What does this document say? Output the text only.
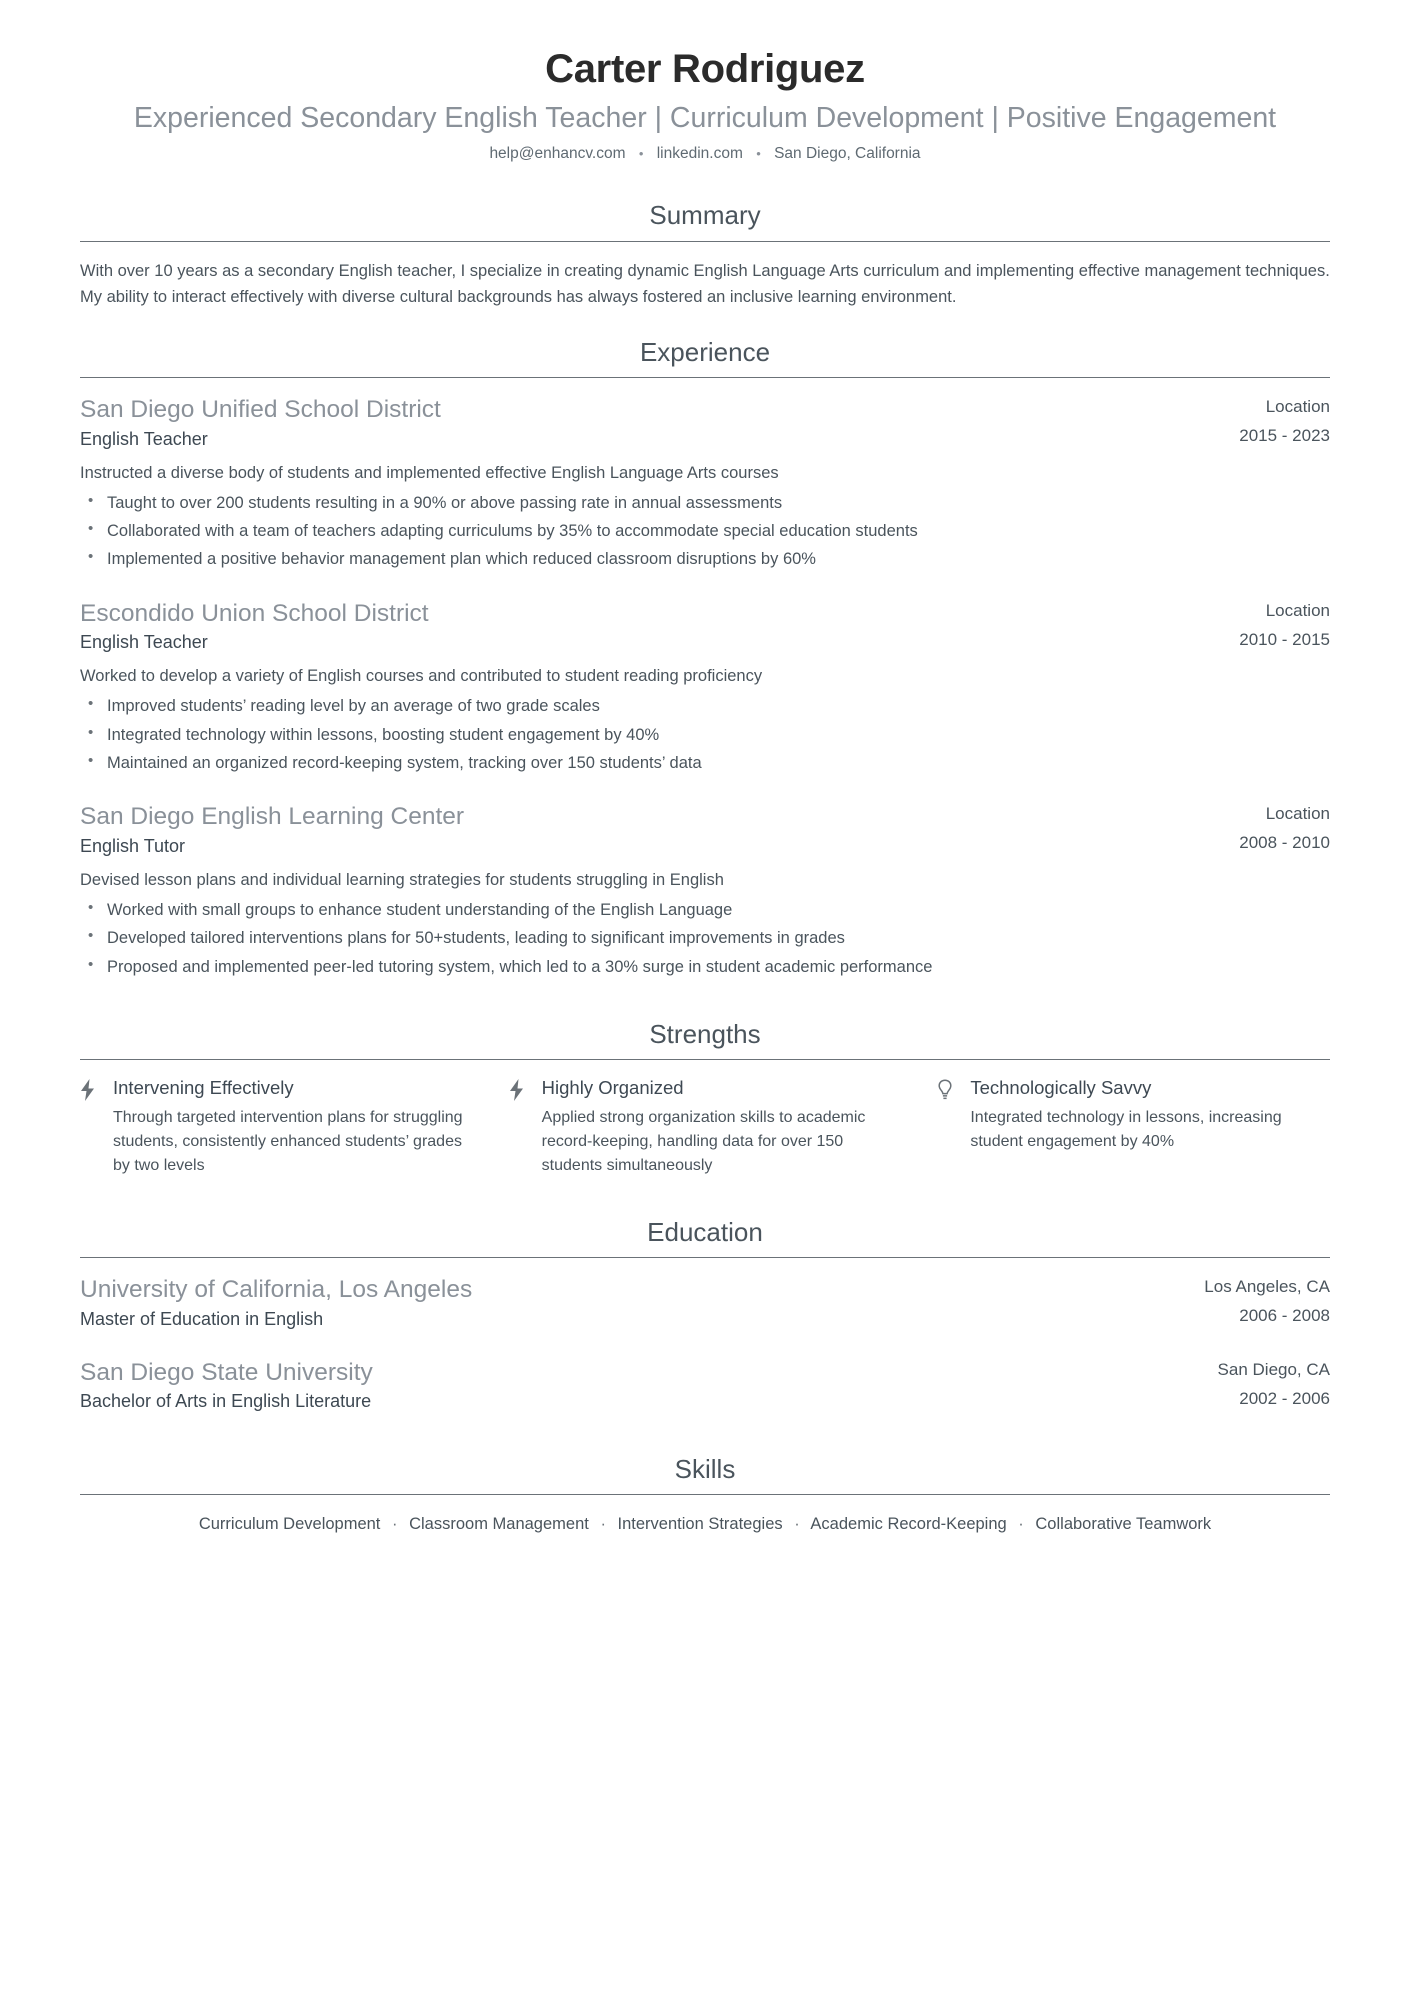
Carter Rodriguez
Experienced Secondary English Teacher | Curriculum Development | Positive Engagement
help@enhancv.com • linkedin.com • San Diego, California
Summary
With over 10 years as a secondary English teacher, I specialize in creating dynamic English Language Arts curriculum and implementing effective management techniques. My ability to interact effectively with diverse cultural backgrounds has always fostered an inclusive learning environment.
Experience
San Diego Unified School District
English Teacher
Location
2015 - 2023
Instructed a diverse body of students and implemented effective English Language Arts courses
• Taught to over 200 students resulting in a 90% or above passing rate in annual assessments
• Collaborated with a team of teachers adapting curriculums by 35% to accommodate special education students
• Implemented a positive behavior management plan which reduced classroom disruptions by 60%
Escondido Union School District
English Teacher
Location
2010 - 2015
Worked to develop a variety of English courses and contributed to student reading proficiency
• Improved students’ reading level by an average of two grade scales
• Integrated technology within lessons, boosting student engagement by 40%
• Maintained an organized record-keeping system, tracking over 150 students’ data
San Diego English Learning Center
English Tutor
Location
2008 - 2010
Devised lesson plans and individual learning strategies for students struggling in English
• Worked with small groups to enhance student understanding of the English Language
• Developed tailored interventions plans for 50+students, leading to significant improvements in grades
• Proposed and implemented peer-led tutoring system, which led to a 30% surge in student academic performance
Strengths
Intervening Effectively
Through targeted intervention plans for struggling students, consistently enhanced students’ grades by two levels
Highly Organized
Applied strong organization skills to academic record-keeping, handling data for over 150 students simultaneously
Technologically Savvy
Integrated technology in lessons, increasing student engagement by 40%
Education
University of California, Los Angeles
Master of Education in English
Los Angeles, CA
2006 - 2008
San Diego State University
Bachelor of Arts in English Literature
San Diego, CA
2002 - 2006
Skills
Curriculum Development · Classroom Management · Intervention Strategies · Academic Record-Keeping · Collaborative Teamwork
